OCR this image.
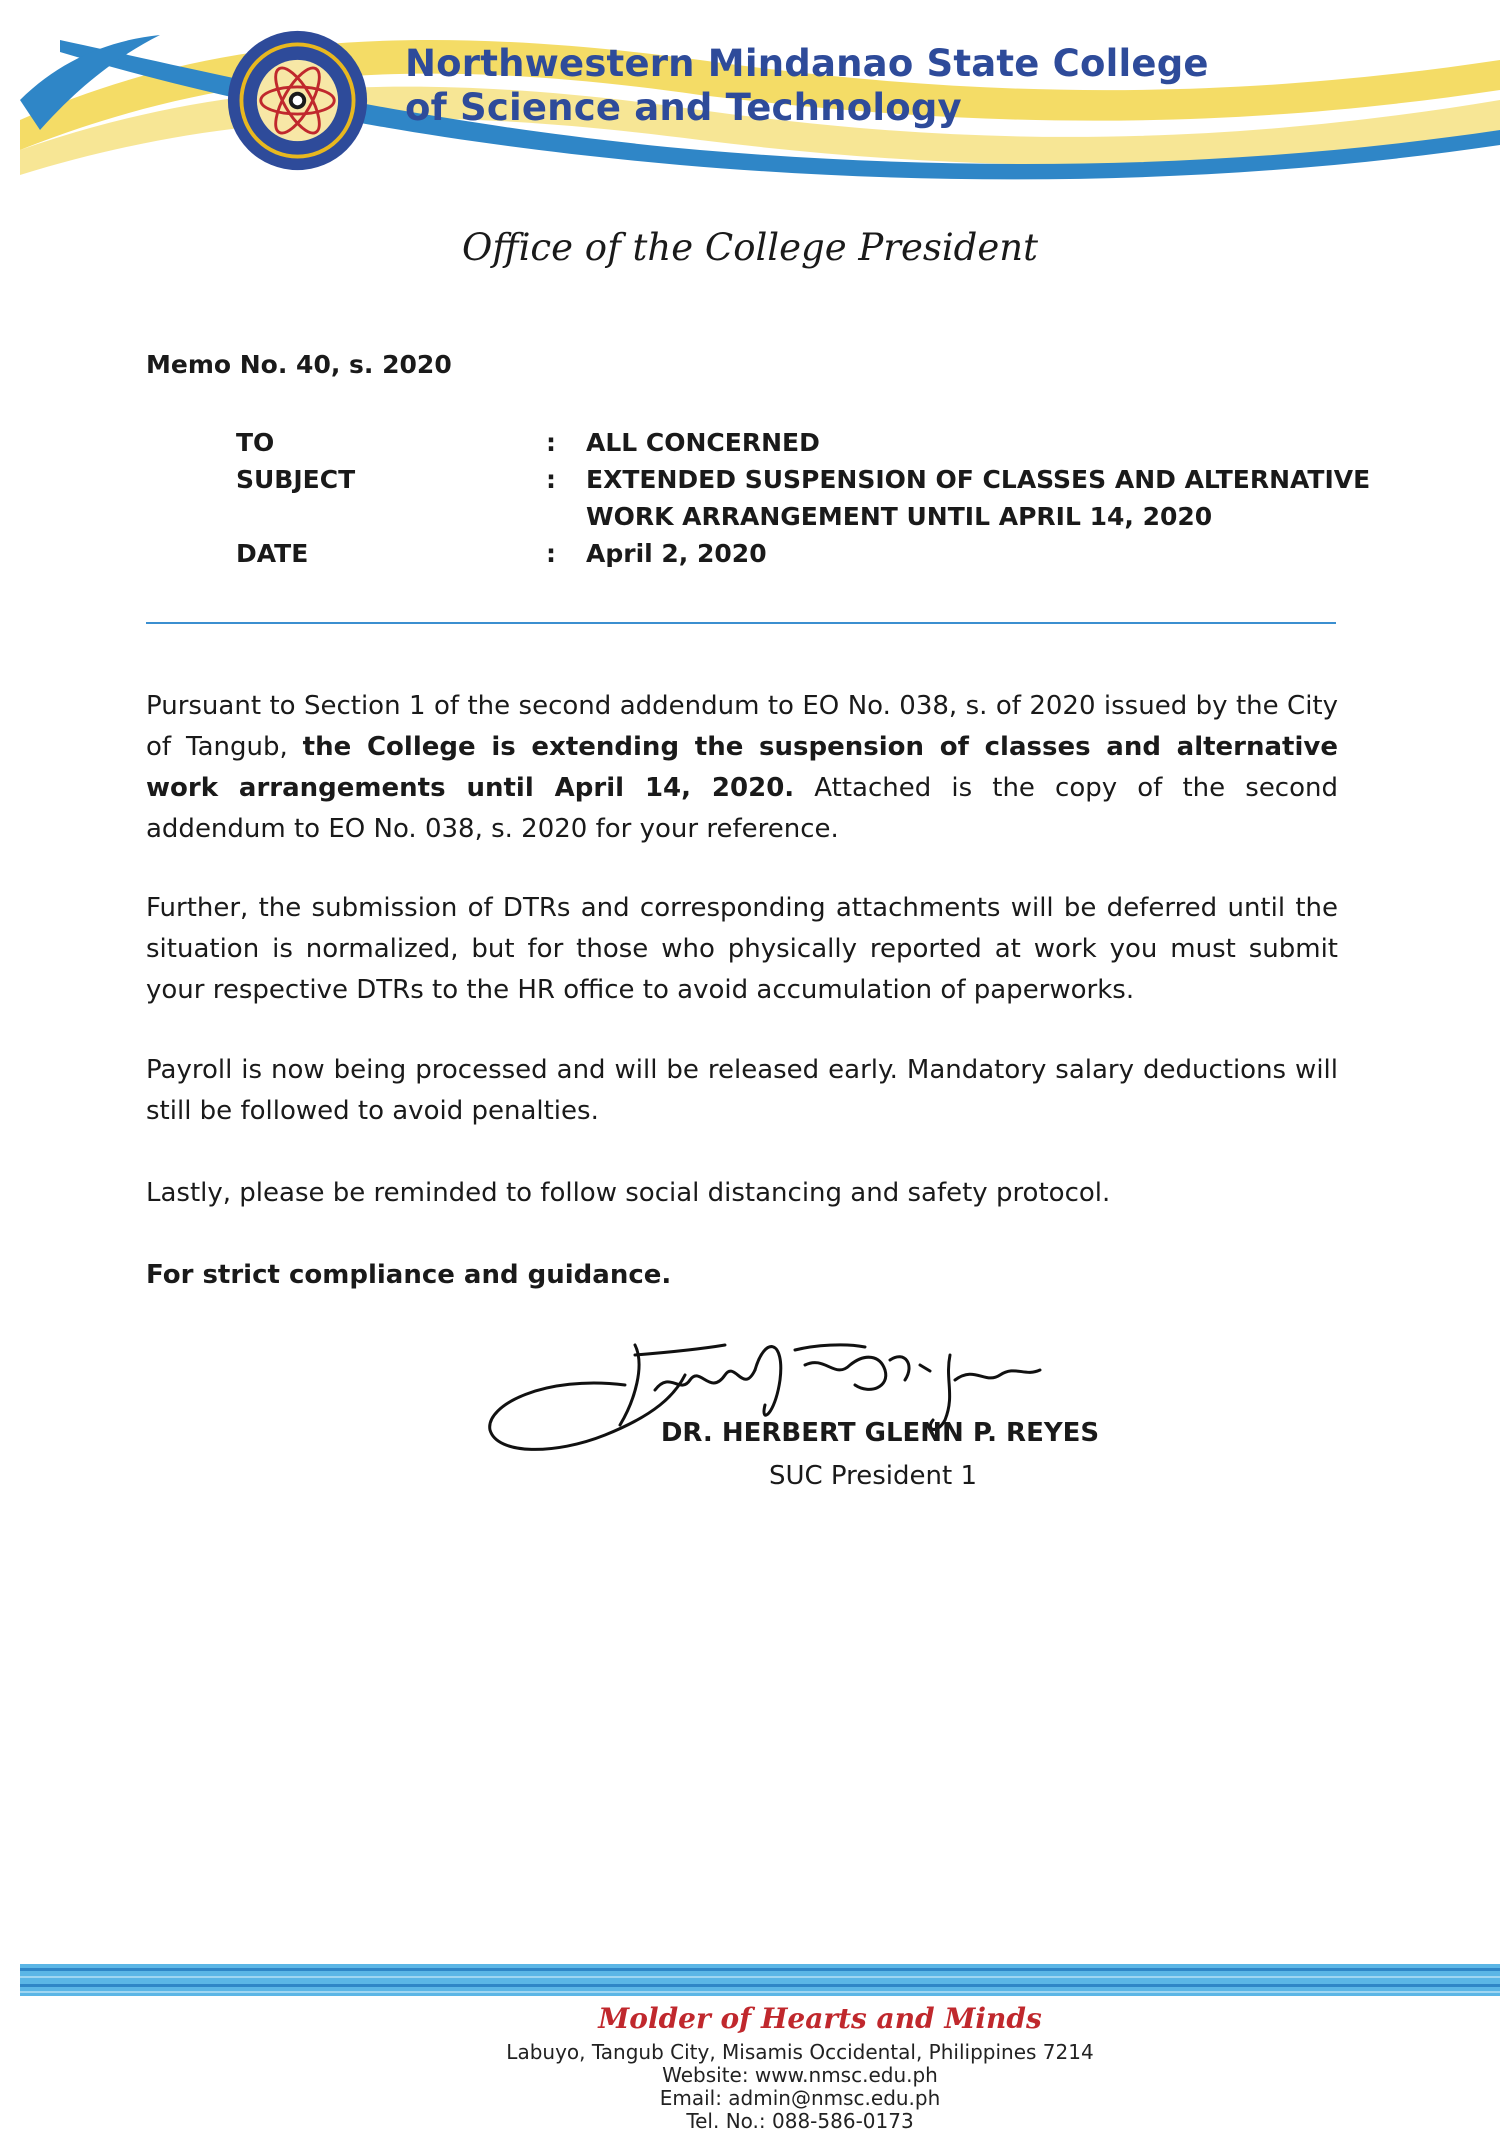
Northwestern Mindanao State College
of Science and Technology
Office of the College President
Memo No. 40, s. 2020
TO	: ALL CONCERNED
SUBJECT	: EXTENDED SUSPENSION OF CLASSES AND ALTERNATIVE
WORK ARRANGEMENT UNTIL APRIL 14, 2020
DATE	: April 2, 2020
Pursuant to Section 1 of the second addendum to EO No. 038, s. of 2020 issued by the City of Tangub, the College is extending the suspension of classes and alternative work arrangements until April 14, 2020. Attached is the copy of the second addendum to EO No. 038, s. 2020 for your reference.
Further, the submission of DTRs and corresponding attachments will be deferred until the situation is normalized, but for those who physically reported at work you must submit your respective DTRs to the HR office to avoid accumulation of paperworks.
Payroll is now being processed and will be released early. Mandatory salary deductions will still be followed to avoid penalties.
Lastly, please be reminded to follow social distancing and safety protocol.
For strict compliance and guidance.
DR. HERBERT GLENN P. REYES
SUC President 1
Molder of Hearts and Minds
Labuyo, Tangub City, Misamis Occidental, Philippines 7214
Website: www.nmsc.edu.ph
Email: admin@nmsc.edu.ph
Tel. No.: 088-586-0173
